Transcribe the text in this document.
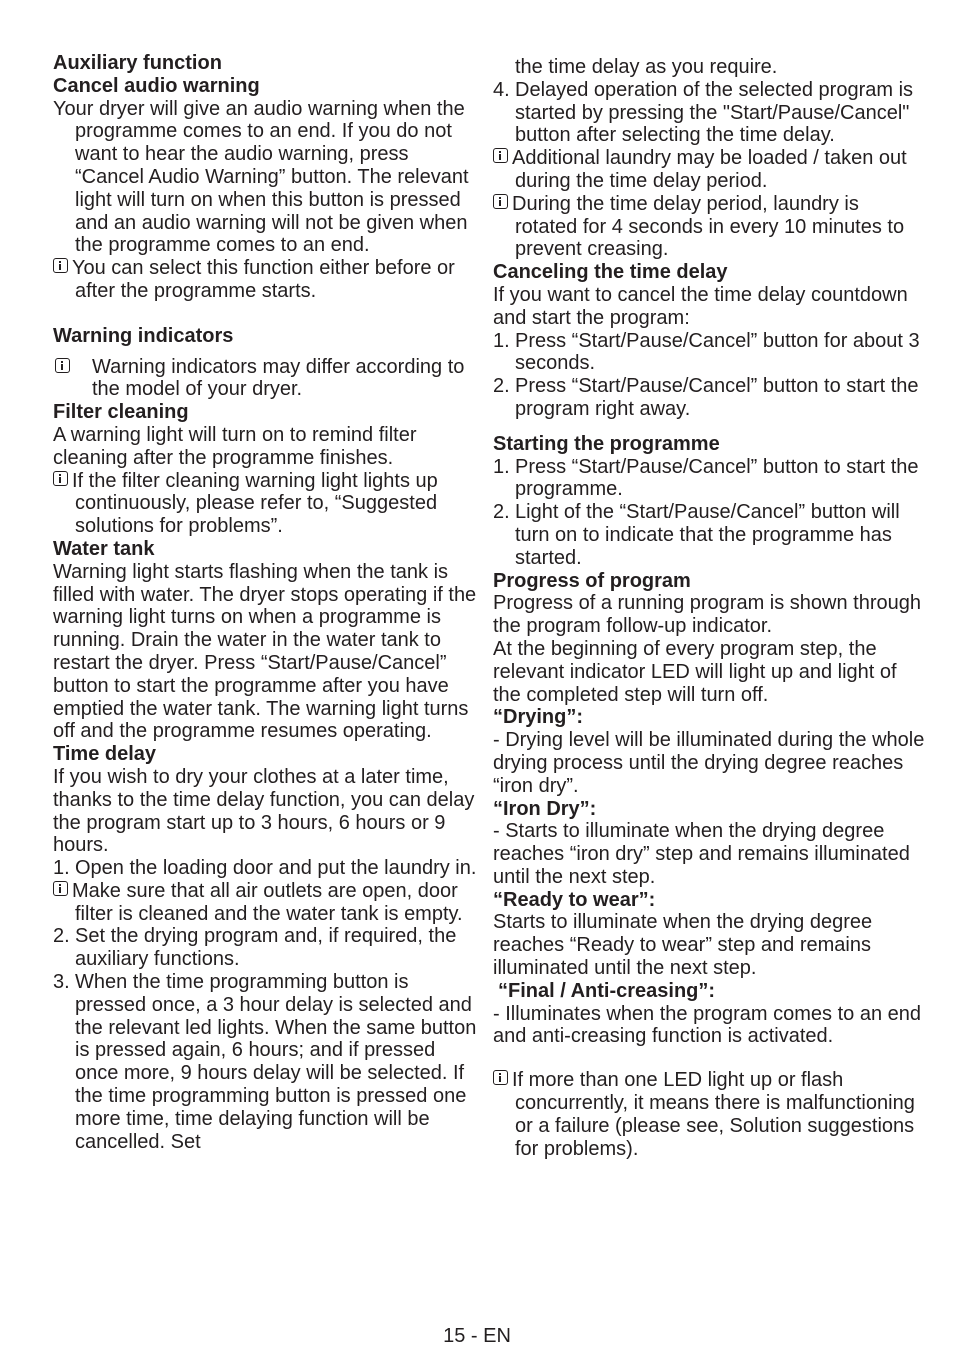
Auxiliary function

Cancel audio warning

Your dryer will give an audio warning when the programme comes to an end. If you do not want to hear the audio warning, press “Cancel Audio Warning” button. The relevant light will turn on when this button is pressed and an audio warning will not be given when the programme comes to an end.

You can select this function either before or after the programme starts.

Warning indicators

Warning indicators may differ according to the model of your dryer.

Filter cleaning

A warning light will turn on to remind filter cleaning after the programme finishes.

If the filter cleaning warning light lights up continuously, please refer to, “Suggested solutions for problems”.

Water tank

Warning light starts flashing when the tank is filled with water. The dryer stops operating if the warning light turns on when a programme is running. Drain the water in the water tank to restart the dryer. Press “Start/Pause/Cancel” button to start the programme after you have emptied the water tank. The warning light turns off and the programme resumes operating.

Time delay

If you wish to dry your clothes at a later time, thanks to the time delay function, you can delay the program start up to 3 hours, 6 hours or 9 hours.

1. Open the loading door and put the laundry in.

Make sure that all air outlets are open, door filter is cleaned and the water tank is empty.

2. Set the drying program and, if required, the auxiliary functions.

3. When the time programming button is pressed once, a 3 hour delay is selected and the relevant led lights. When the same button is pressed again, 6 hours; and if pressed once more, 9 hours delay will be selected. If the time programming button is pressed one more time, time delaying function will be cancelled. Set

the time delay as you require.

4. Delayed operation of the selected program is started by pressing the "Start/Pause/Cancel" button after selecting the time delay.

Additional laundry may be loaded / taken out during the time delay period.

During the time delay period, laundry is rotated for 4 seconds in every 10 minutes to prevent creasing.

Canceling the time delay

If you want to cancel the time delay countdown and start the program:

1. Press “Start/Pause/Cancel” button for about 3 seconds.

2. Press “Start/Pause/Cancel” button to start the program right away.

Starting the programme

1. Press “Start/Pause/Cancel” button to start the programme.

2. Light of the “Start/Pause/Cancel” button will turn on to indicate that the programme has started.

Progress of program

Progress of a running program is shown through the program follow-up indicator.

At the beginning of every program step, the relevant indicator LED will light up and light of the completed step will turn off.

“Drying”:

- Drying level will be illuminated during the whole drying process until the drying degree reaches “iron dry”.

“Iron Dry”:

- Starts to illuminate when the drying degree reaches “iron dry” step and remains illuminated until the next step.

“Ready to wear”:

Starts to illuminate when the drying degree reaches “Ready to wear” step and remains illuminated until the next step.

“Final / Anti-creasing”:

- Illuminates when the program comes to an end and anti-creasing function is activated.

If more than one LED light up or flash concurrently, it means there is malfunctioning or a failure (please see, Solution suggestions for problems).

15 - EN
